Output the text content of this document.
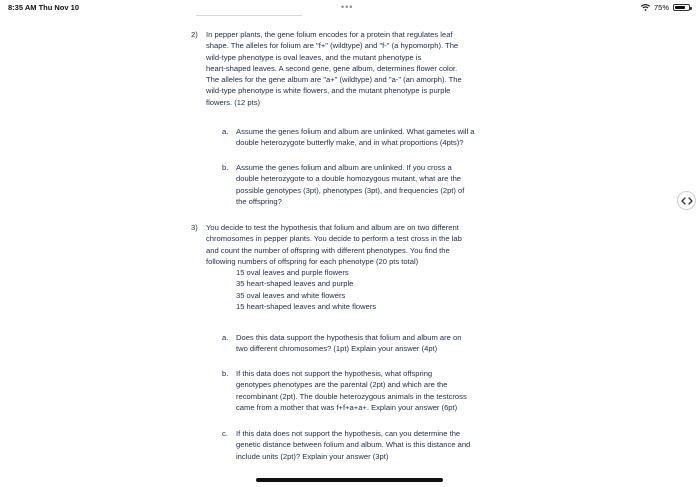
8:35 AM Thu Nov 10	•••	75%
2) In pepper plants, the gene folium encodes for a protein that regulates leaf
shape. The alleles for folium are "f+" (wildtype) and "f-" (a hypomorph). The
wild-type phenotype is oval leaves, and the mutant phenotype is
heart-shaped leaves. A second gene, gene album, determines flower color.
The alleles for the gene album are "a+" (wildtype) and "a-" (an amorph). The
wild-type phenotype is white flowers, and the mutant phenotype is purple
flowers. (12 pts)
a. Assume the genes folium and album are unlinked. What gametes will a
double heterozygote butterfly make, and in what proportions (4pts)?
b. Assume the genes folium and album are unlinked. If you cross a
double heterozygote to a double homozygous mutant, what are the
possible genotypes (3pt), phenotypes (3pt), and frequencies (2pt) of
the offspring?
3) You decide to test the hypothesis that folium and album are on two different
chromosomes in pepper plants. You decide to perform a test cross in the lab
and count the number of offspring with different phenotypes. You find the
following numbers of offspring for each phenotype (20 pts total)
15 oval leaves and purple flowers
35 heart-shaped leaves and purple
35 oval leaves and white flowers
15 heart-shaped leaves and white flowers
a. Does this data support the hypothesis that folium and album are on
two different chromosomes? (1pt) Explain your answer (4pt)
b. If this data does not support the hypothesis, what offspring
genotypes phenotypes are the parental (2pt) and which are the
recombinant (2pt). The double heterozygous animals in the testcross
came from a mother that was f+f+a+a+. Explain your answer (6pt)
c. If this data does not support the hypothesis, can you determine the
genetic distance between folium and album. What is this distance and
include units (2pt)? Explain your answer (3pt)
